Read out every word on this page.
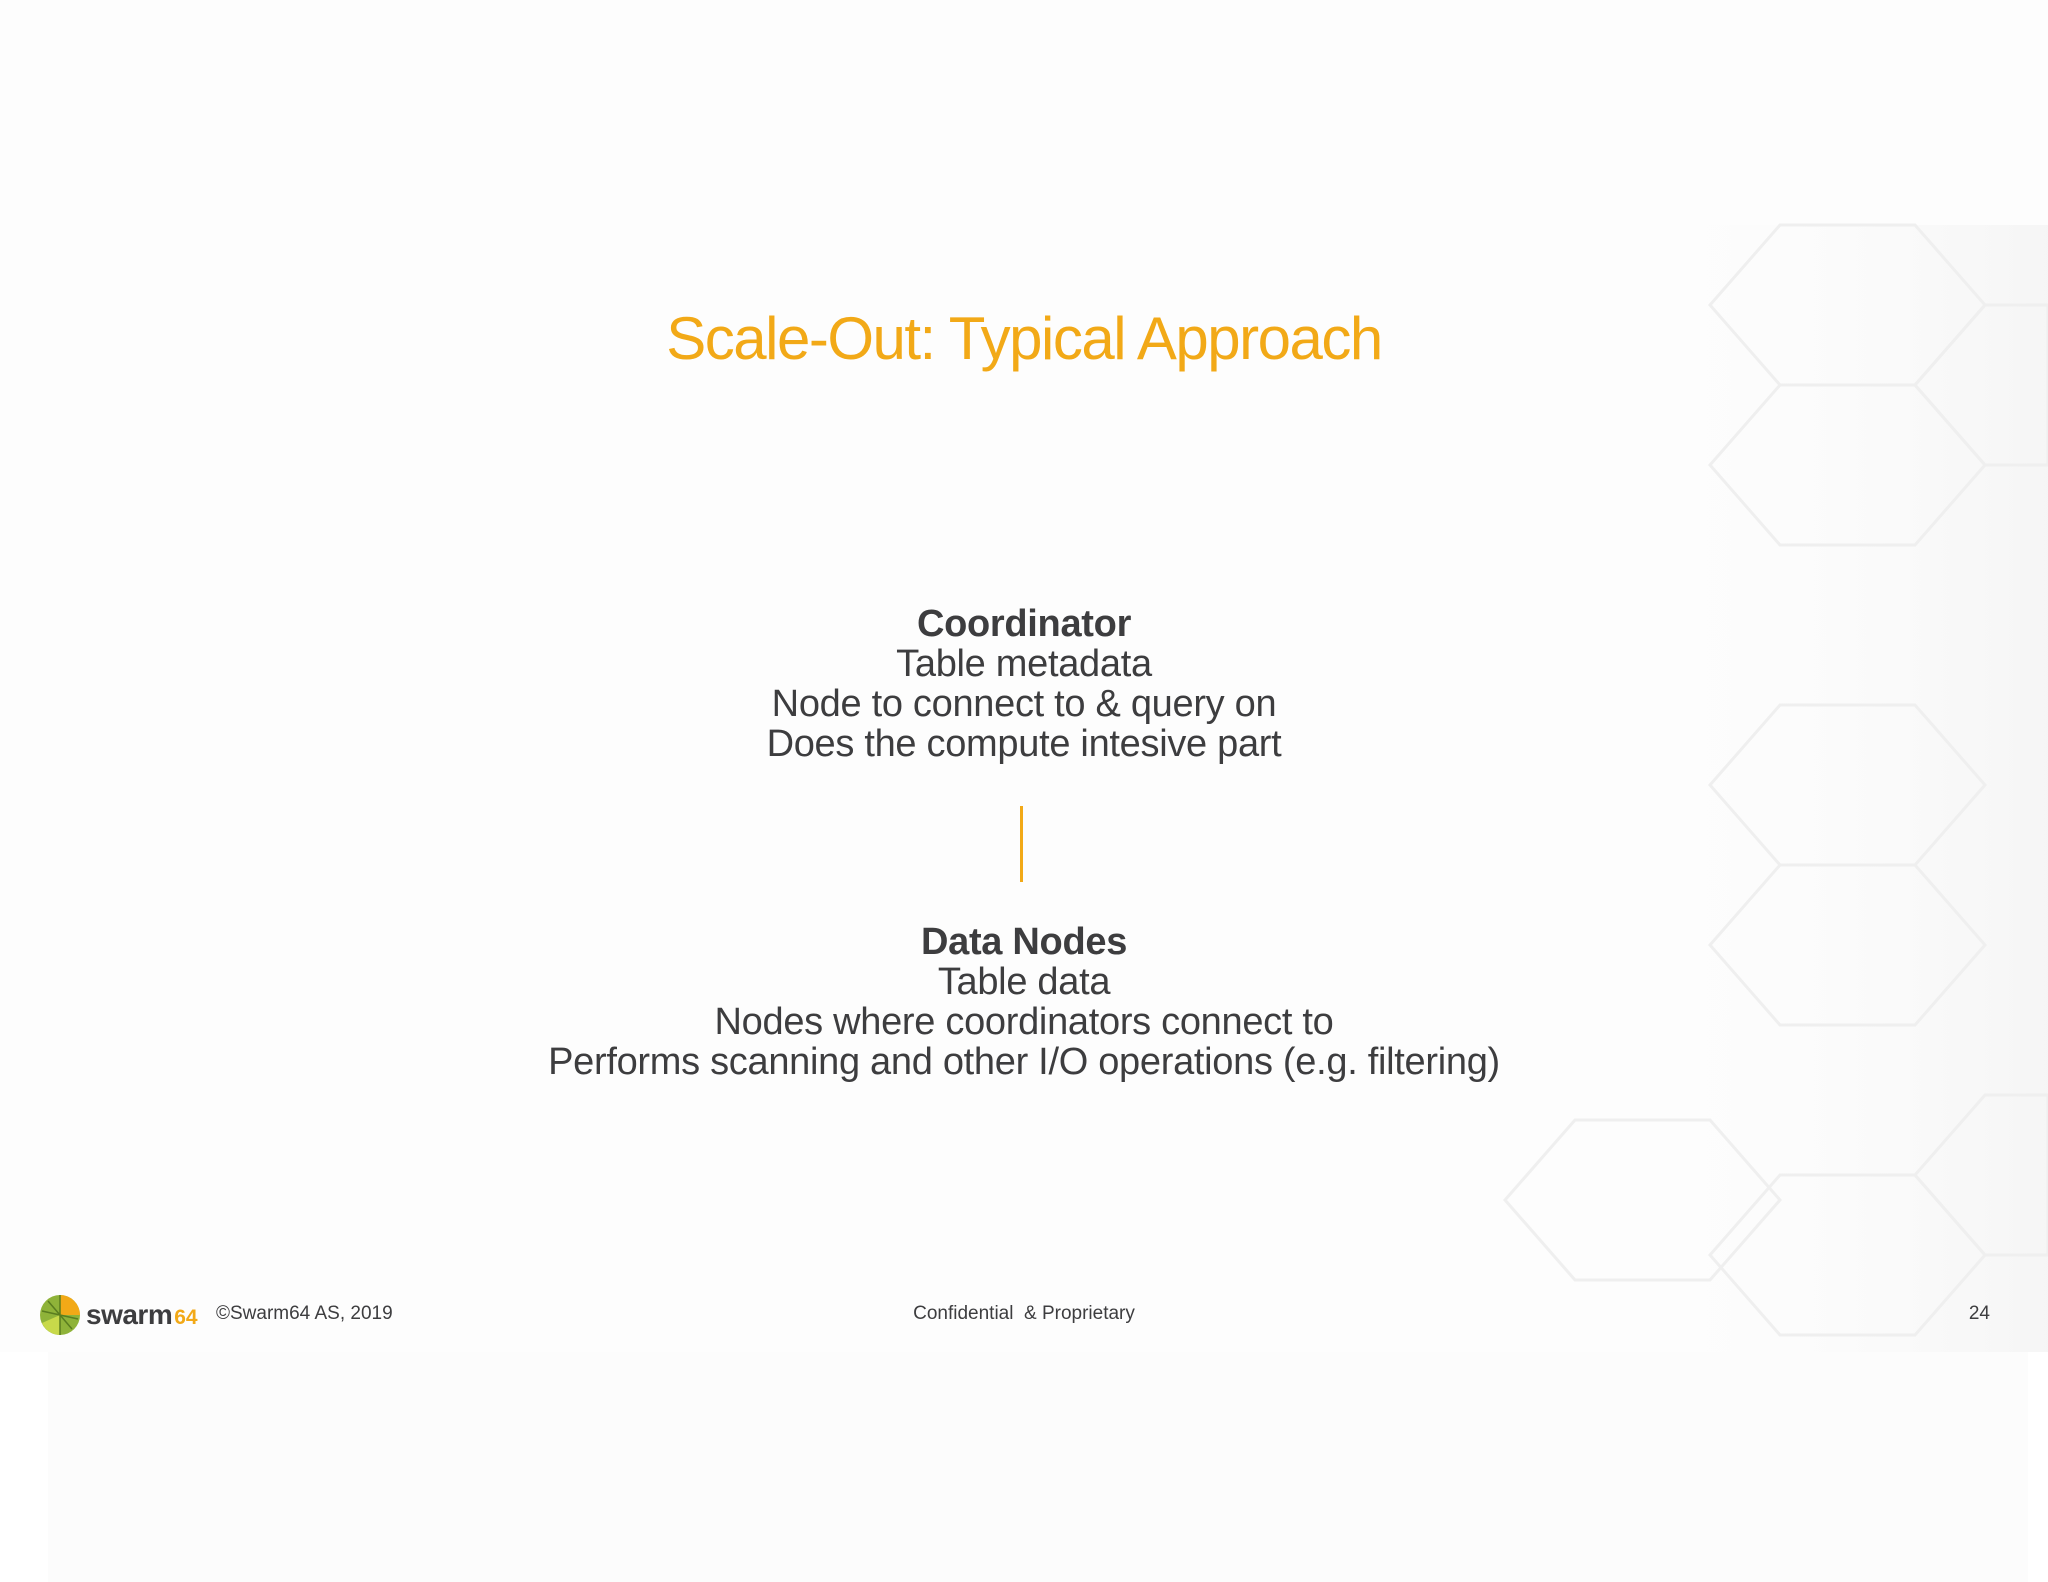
Scale-Out: Typical Approach
Coordinator
Table metadata
Node to connect to & query on
Does the compute intesive part
Data Nodes
Table data
Nodes where coordinators connect to
Performs scanning and other I/O operations (e.g. filtering)
swarm 64 ©Swarm64 AS, 2019	Confidential  & Proprietary	24
